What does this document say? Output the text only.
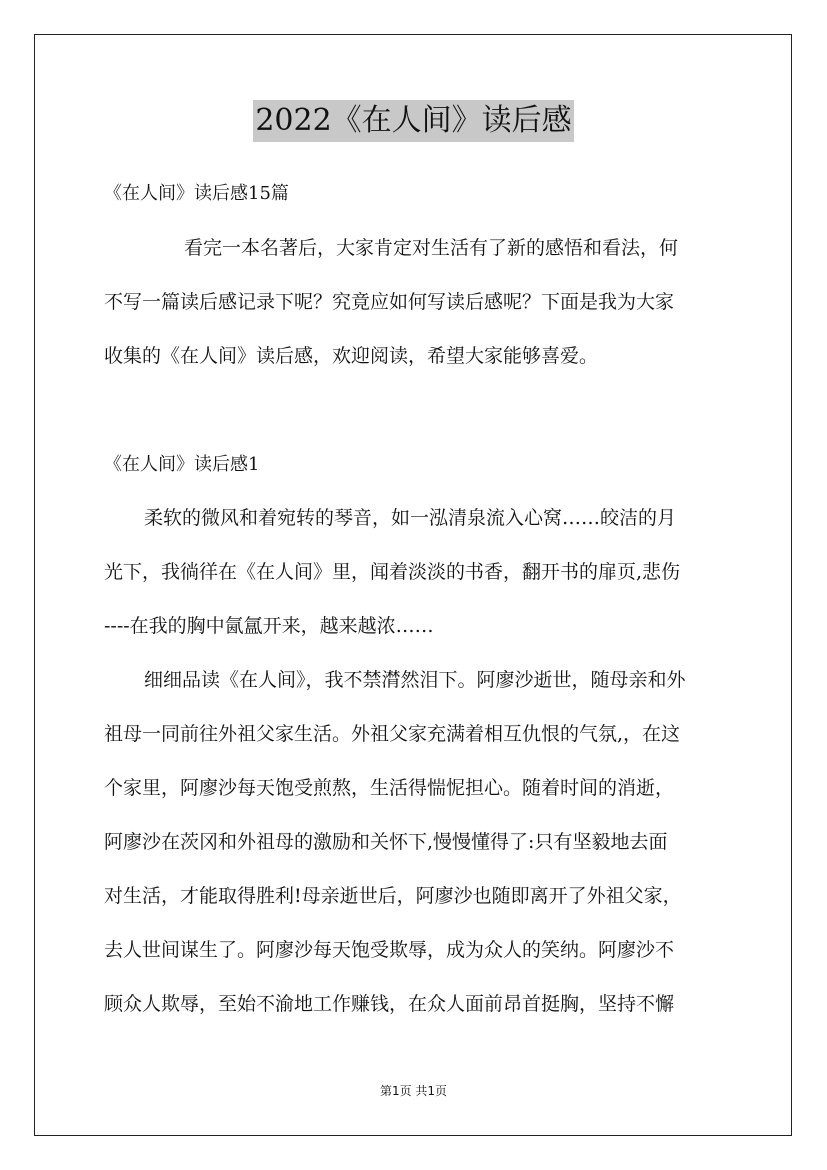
2022《在人间》读后感
《在人间》读后感15篇
看完一本名著后，大家肯定对生活有了新的感悟和看法，何
不写一篇读后感记录下呢？究竟应如何写读后感呢？下面是我为大家
收集的《在人间》读后感，欢迎阅读，希望大家能够喜爱。
《在人间》读后感1
柔软的微风和着宛转的琴音，如一泓清泉流入心窝……皎洁的月
光下，我徜徉在《在人间》里，闻着淡淡的书香，翻开书的扉页,悲伤
----在我的胸中氤氲开来，越来越浓……
细细品读《在人间》，我不禁潸然泪下。阿廖沙逝世，随母亲和外
祖母一同前往外祖父家生活。外祖父家充满着相互仇恨的气氛,，在这
个家里，阿廖沙每天饱受煎熬，生活得惴怩担心。随着时间的消逝，
阿廖沙在茨冈和外祖母的激励和关怀下,慢慢懂得了:只有坚毅地去面
对生活，才能取得胜利!母亲逝世后，阿廖沙也随即离开了外祖父家，
去人世间谋生了。阿廖沙每天饱受欺辱，成为众人的笑纳。阿廖沙不
顾众人欺辱，至始不渝地工作赚钱，在众人面前昂首挺胸，坚持不懈
第1页 共1页
